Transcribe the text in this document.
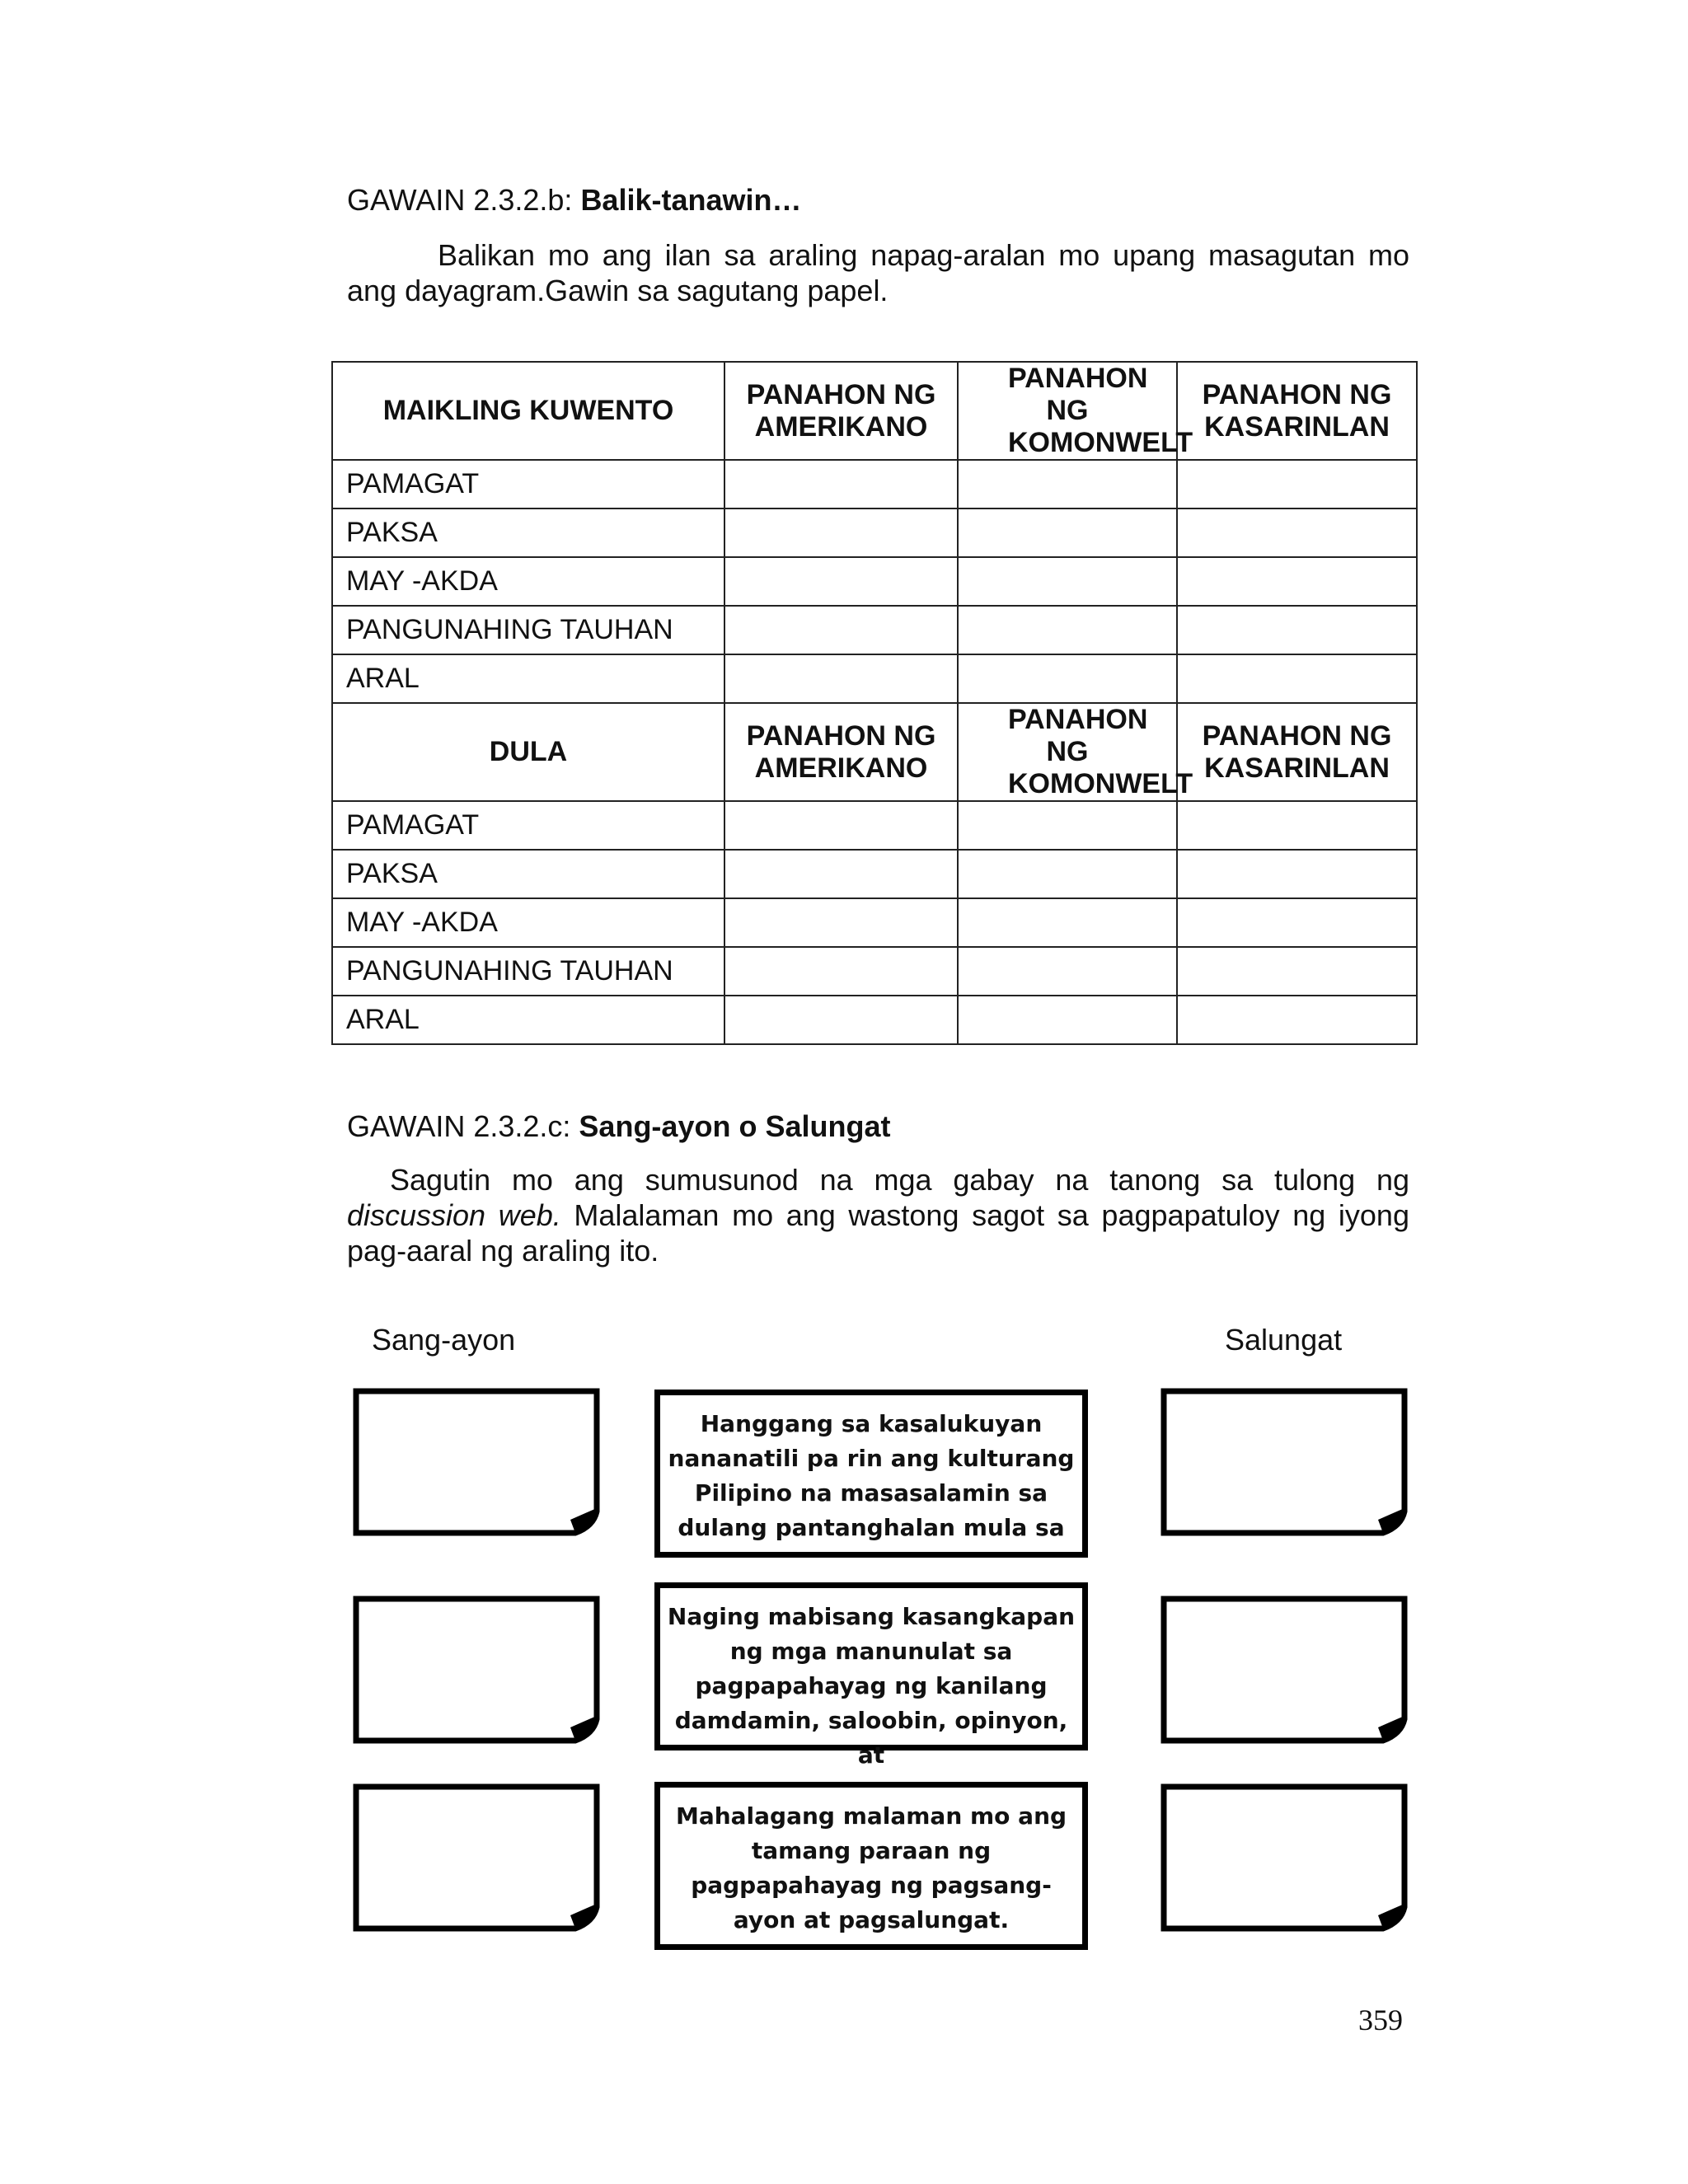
GAWAIN 2.3.2.b: Balik-tanawin…

Balikan mo ang ilan sa araling napag-aralan mo upang masagutan mo ang dayagram.Gawin sa sagutang papel.

MAIKLING KUWENTO	PANAHON NG AMERIKANO	PANAHON NG KOMONWELT	PANAHON NG KASARINLAN
PAMAGAT			
PAKSA			
MAY -AKDA			
PANGUNAHING TAUHAN			
ARAL			
DULA	PANAHON NG AMERIKANO	PANAHON NG KOMONWELT	PANAHON NG KASARINLAN
PAMAGAT			
PAKSA			
MAY -AKDA			
PANGUNAHING TAUHAN			
ARAL			
GAWAIN 2.3.2.c: Sang-ayon o Salungat

Sagutin mo ang sumusunod na mga gabay na tanong sa tulong ng discussion web. Malalaman mo ang wastong sagot sa pagpapatuloy ng iyong pag-aaral ng araling ito.

Sang-ayon	Salungat
Hanggang sa kasalukuyan nananatili pa rin ang kulturang Pilipino na masasalamin sa dulang pantanghalan mula sa
Naging mabisang kasangkapan ng mga manunulat sa pagpapahayag ng kanilang damdamin, saloobin, opinyon, at
Mahalagang malaman mo ang tamang paraan ng pagpapahayag ng pagsang-ayon at pagsalungat.
359
